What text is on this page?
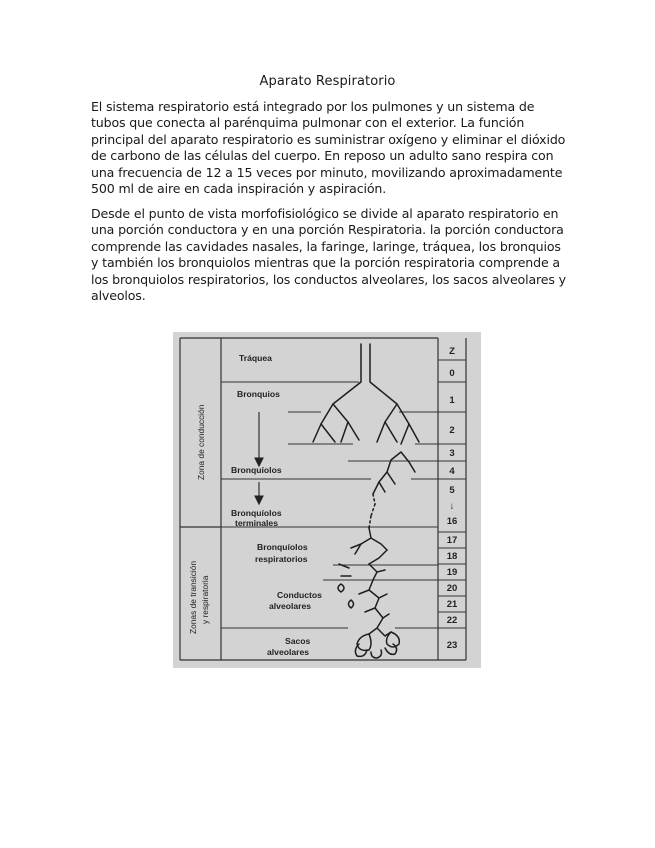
Aparato Respiratorio

El sistema respiratorio está integrado por los pulmones y un sistema de tubos que conecta al parénquima pulmonar con el exterior. La función principal del aparato respiratorio es suministrar oxígeno y eliminar el dióxido de carbono de las células del cuerpo. En reposo un adulto sano respira con una frecuencia de 12 a 15 veces por minuto, movilizando aproximadamente 500 ml de aire en cada inspiración y aspiración.

Desde el punto de vista morfofisiológico se divide al aparato respiratorio en una porción conductora y en una porción Respiratoria. la porción conductora comprende las cavidades nasales, la faringe, laringe, tráquea, los bronquios y también los bronquiolos mientras que la porción respiratoria comprende a los bronquiolos respiratorios, los conductos alveolares, los sacos alveolares y alveolos.

Zona de conducción
Zonas de transición y respiratoria
Tráquea
Bronquios
Bronquíolos
Bronquíolos
terminales
Bronquíolos
respiratorios
Conductos
alveolares
Sacos
alveolares
Z
0
1
2
3
4
5
↓
16
17
18
19
20
21
22
23
